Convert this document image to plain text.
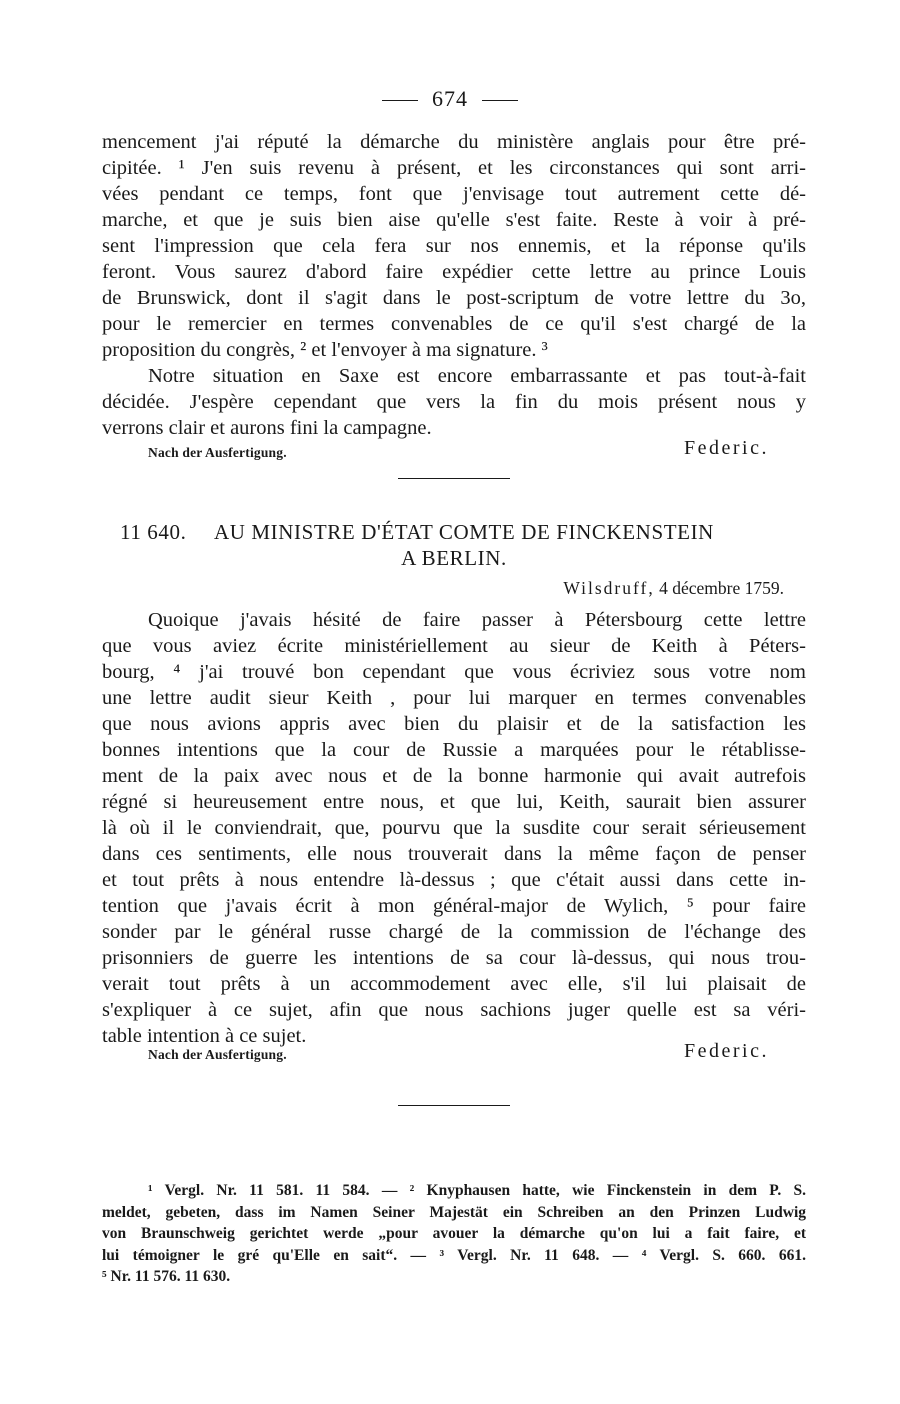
674
mencement j'ai réputé la démarche du ministère anglais pour être pré-
cipitée. ¹ J'en suis revenu à présent, et les circonstances qui sont arri-
vées pendant ce temps, font que j'envisage tout autrement cette dé-
marche, et que je suis bien aise qu'elle s'est faite. Reste à voir à pré-
sent l'impression que cela fera sur nos ennemis, et la réponse qu'ils
feront. Vous saurez d'abord faire expédier cette lettre au prince Louis
de Brunswick, dont il s'agit dans le post-scriptum de votre lettre du 3o,
pour le remercier en termes convenables de ce qu'il s'est chargé de la
proposition du congrès, ² et l'envoyer à ma signature. ³
Notre situation en Saxe est encore embarrassante et pas tout-à-fait
décidée. J'espère cependant que vers la fin du mois présent nous y
verrons clair et aurons fini la campagne.
Nach der Ausfertigung.	Federic.
11 640. AU MINISTRE D'ÉTAT COMTE DE FINCKENSTEIN
A BERLIN.
Wilsdruff, 4 décembre 1759.
Quoique j'avais hésité de faire passer à Pétersbourg cette lettre
que vous aviez écrite ministériellement au sieur de Keith à Péters-
bourg, ⁴ j'ai trouvé bon cependant que vous écriviez sous votre nom
une lettre audit sieur Keith , pour lui marquer en termes convenables
que nous avions appris avec bien du plaisir et de la satisfaction les
bonnes intentions que la cour de Russie a marquées pour le rétablisse-
ment de la paix avec nous et de la bonne harmonie qui avait autrefois
régné si heureusement entre nous, et que lui, Keith, saurait bien assurer
là où il le conviendrait, que, pourvu que la susdite cour serait sérieusement
dans ces sentiments, elle nous trouverait dans la même façon de penser
et tout prêts à nous entendre là-dessus ; que c'était aussi dans cette in-
tention que j'avais écrit à mon général-major de Wylich, ⁵ pour faire
sonder par le général russe chargé de la commission de l'échange des
prisonniers de guerre les intentions de sa cour là-dessus, qui nous trou-
verait tout prêts à un accommodement avec elle, s'il lui plaisait de
s'expliquer à ce sujet, afin que nous sachions juger quelle est sa véri-
table intention à ce sujet.
Nach der Ausfertigung.	Federic.
¹ Vergl. Nr. 11 581. 11 584. — ² Knyphausen hatte, wie Finckenstein in dem P. S.
meldet, gebeten, dass im Namen Seiner Majestät ein Schreiben an den Prinzen Ludwig
von Braunschweig gerichtet werde „pour avouer la démarche qu'on lui a fait faire, et
lui témoigner le gré qu'Elle en sait“. — ³ Vergl. Nr. 11 648. — ⁴ Vergl. S. 660. 661.
⁵ Nr. 11 576. 11 630.
